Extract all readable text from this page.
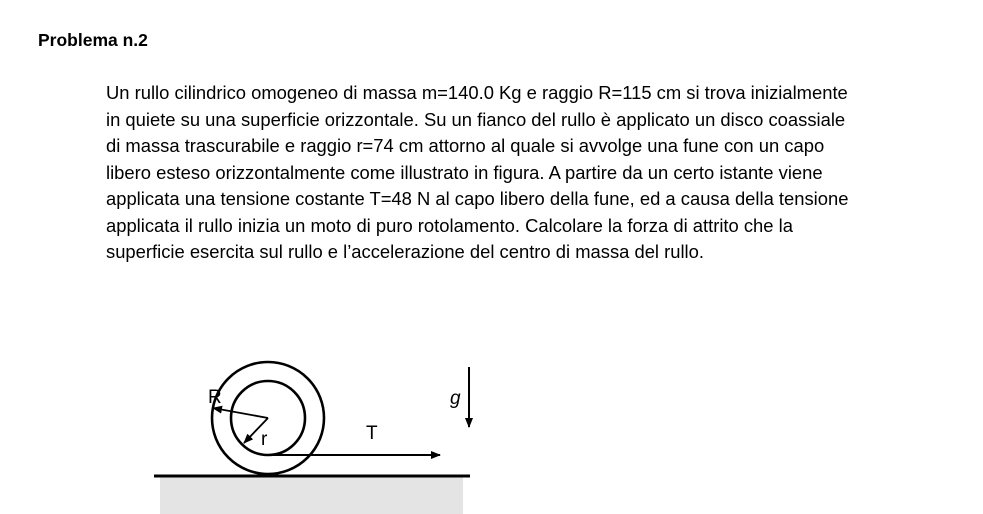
Problema n.2
Un rullo cilindrico omogeneo di massa m=140.0 Kg e raggio R=115 cm si trova inizialmente
in quiete su una superficie orizzontale. Su un fianco del rullo è applicato un disco coassiale
di massa trascurabile e raggio r=74 cm attorno al quale si avvolge una fune con un capo
libero esteso orizzontalmente come illustrato in figura. A partire da un certo istante viene
applicata una tensione costante T=48 N al capo libero della fune, ed a causa della tensione
applicata il rullo inizia un moto di puro rotolamento. Calcolare la forza di attrito che la
superficie esercita sul rullo e l’accelerazione del centro di massa del rullo.
R
r	T
g
